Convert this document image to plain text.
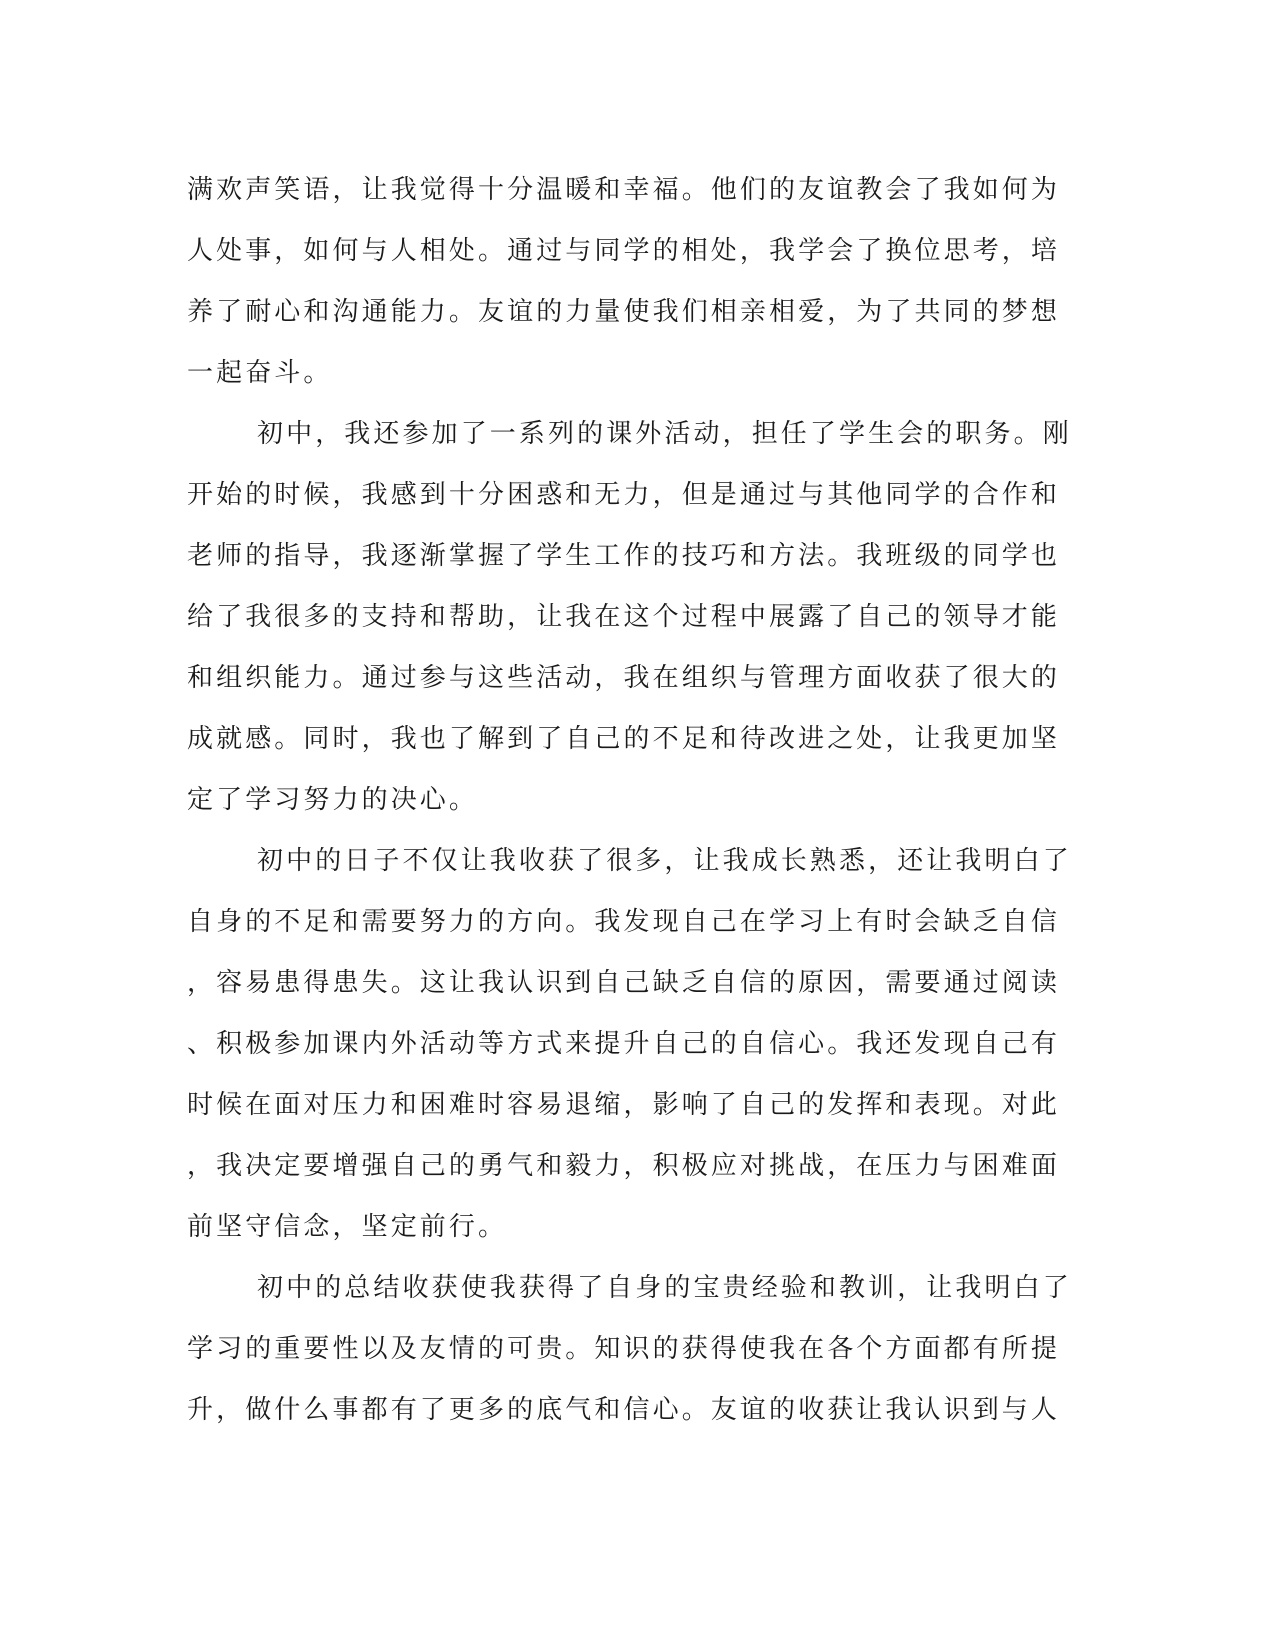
满欢声笑语，让我觉得十分温暖和幸福。他们的友谊教会了我如何为
人处事，如何与人相处。通过与同学的相处，我学会了换位思考，培
养了耐心和沟通能力。友谊的力量使我们相亲相爱，为了共同的梦想
一起奋斗。
初中，我还参加了一系列的课外活动，担任了学生会的职务。刚
开始的时候，我感到十分困惑和无力，但是通过与其他同学的合作和
老师的指导，我逐渐掌握了学生工作的技巧和方法。我班级的同学也
给了我很多的支持和帮助，让我在这个过程中展露了自己的领导才能
和组织能力。通过参与这些活动，我在组织与管理方面收获了很大的
成就感。同时，我也了解到了自己的不足和待改进之处，让我更加坚
定了学习努力的决心。
初中的日子不仅让我收获了很多，让我成长熟悉，还让我明白了
自身的不足和需要努力的方向。我发现自己在学习上有时会缺乏自信
，容易患得患失。这让我认识到自己缺乏自信的原因，需要通过阅读
、积极参加课内外活动等方式来提升自己的自信心。我还发现自己有
时候在面对压力和困难时容易退缩，影响了自己的发挥和表现。对此
，我决定要增强自己的勇气和毅力，积极应对挑战，在压力与困难面
前坚守信念，坚定前行。
初中的总结收获使我获得了自身的宝贵经验和教训，让我明白了
学习的重要性以及友情的可贵。知识的获得使我在各个方面都有所提
升，做什么事都有了更多的底气和信心。友谊的收获让我认识到与人
